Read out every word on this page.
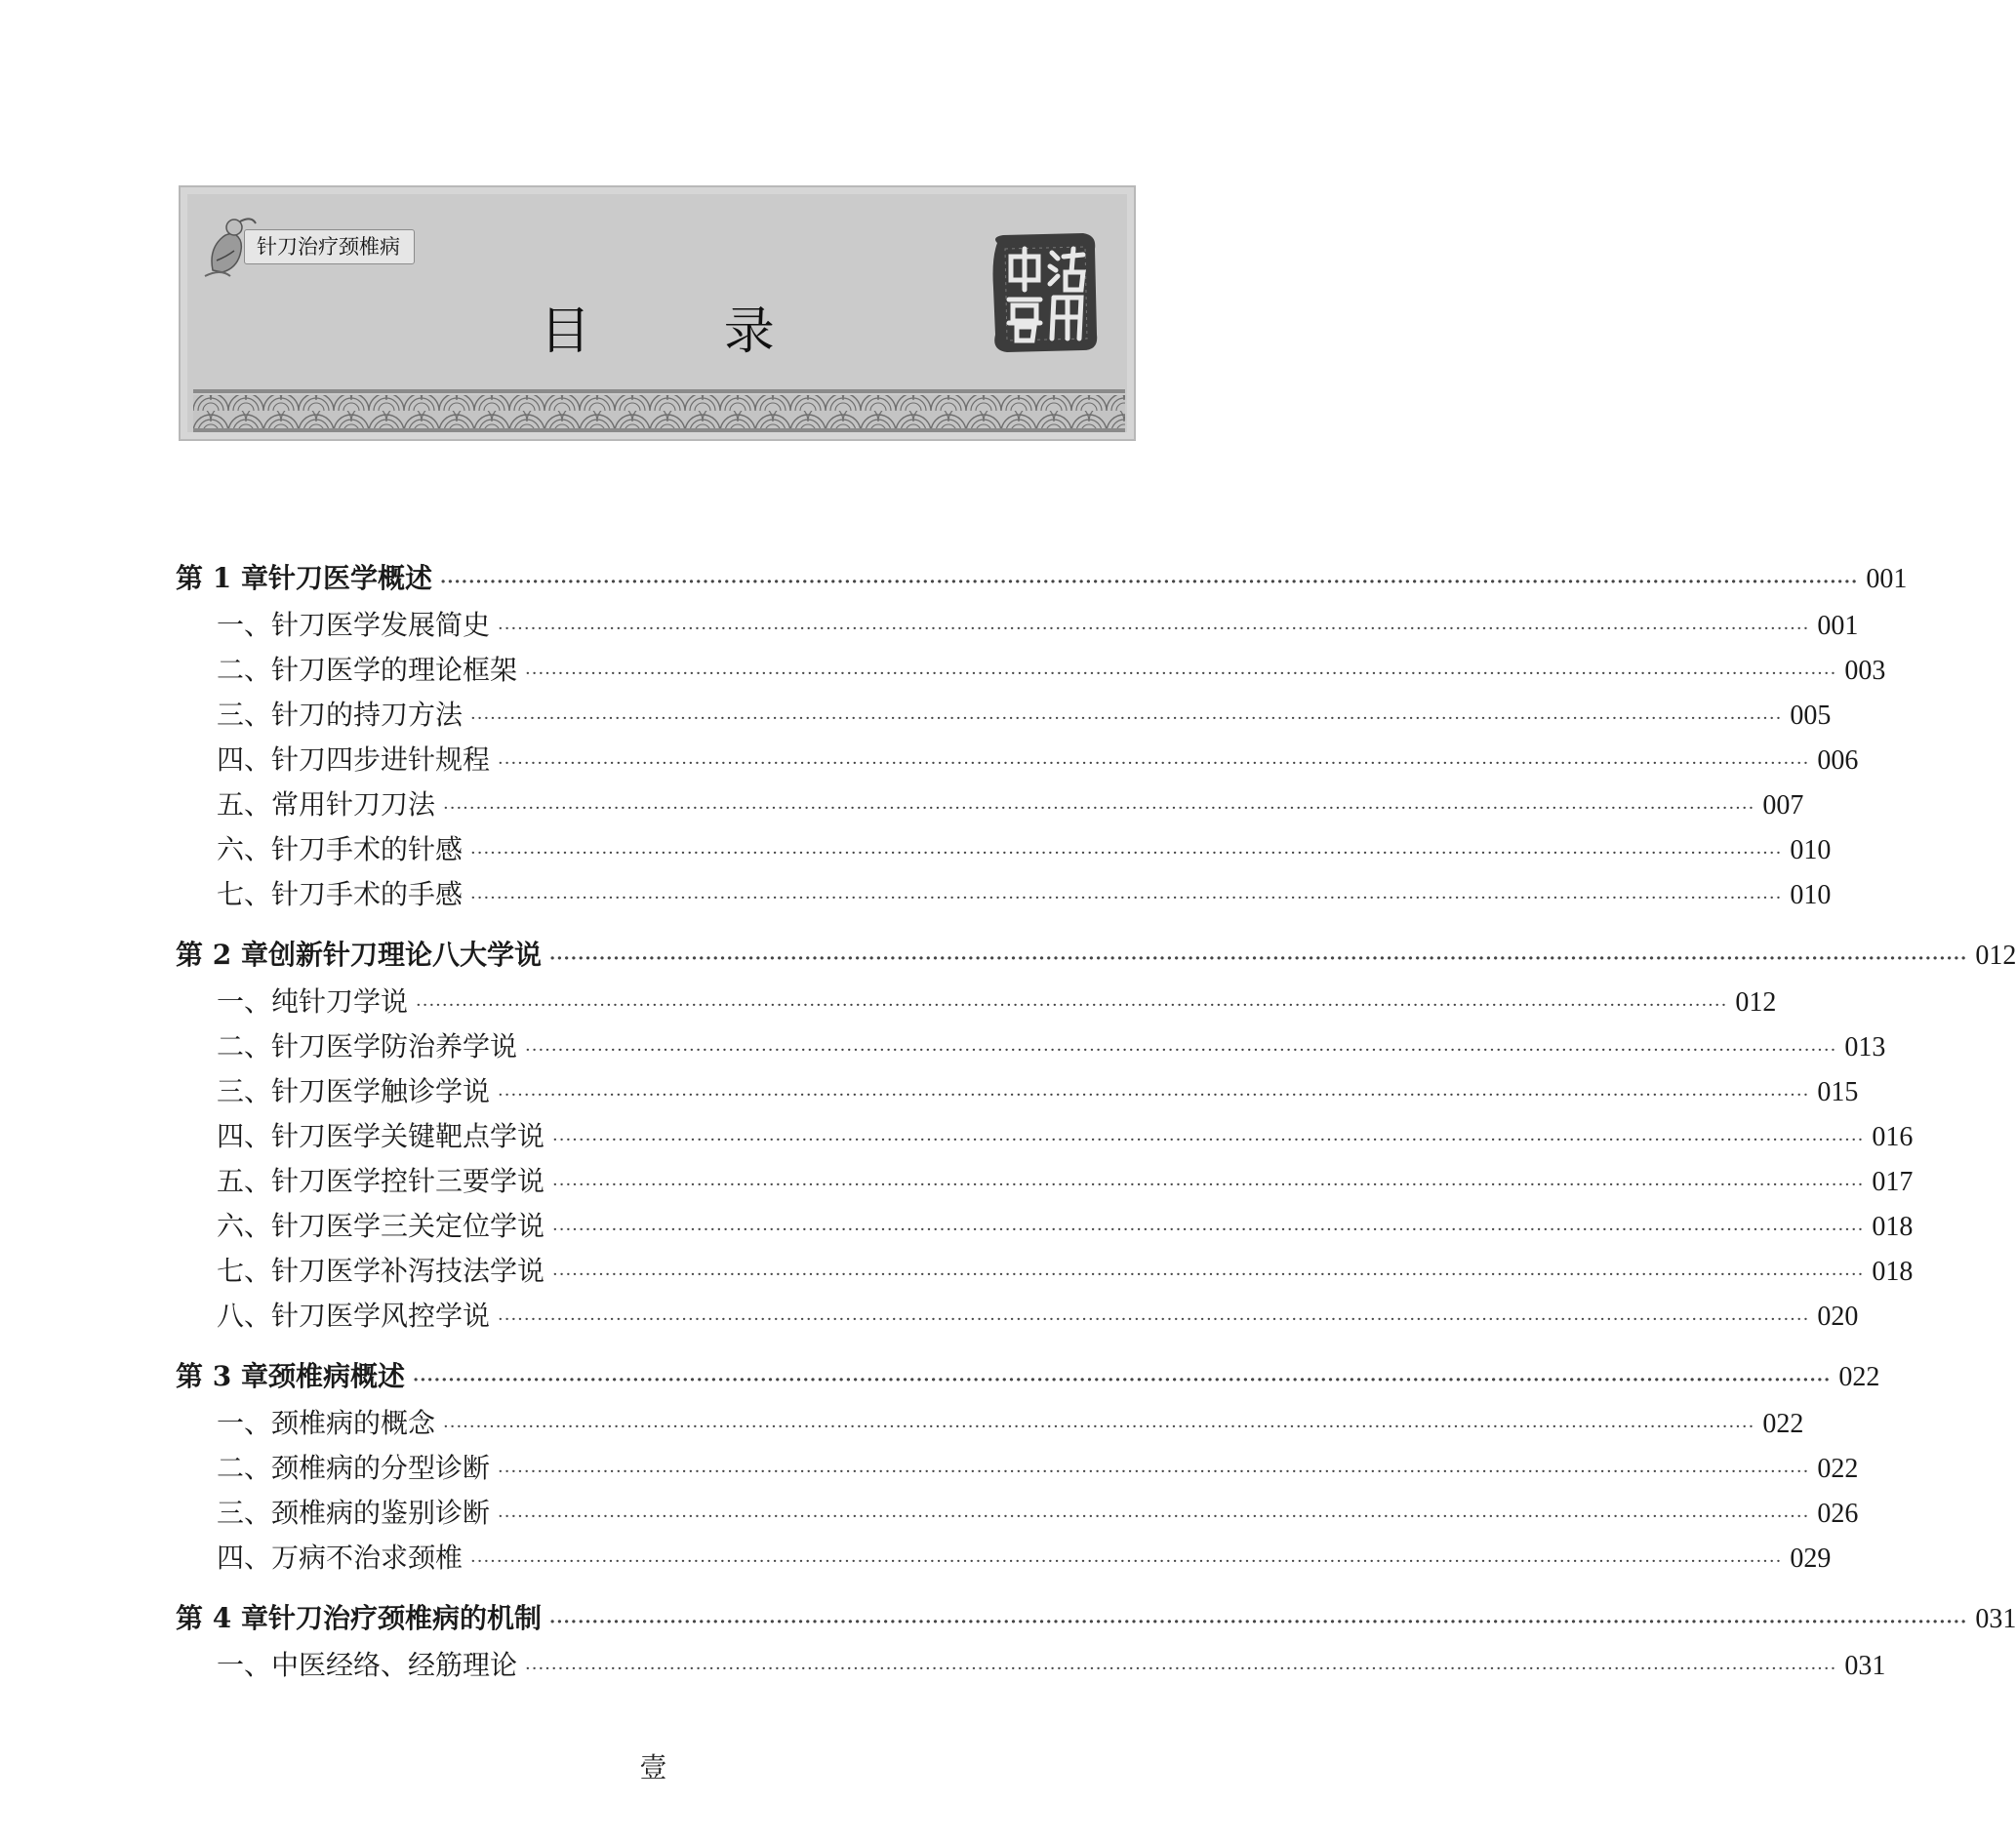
针刀治疗颈椎病
目 录
第 1 章 针刀医学概述 ········································································································································································································ 001
一、针刀医学发展简史 ········································································································································································································ 001
二、针刀医学的理论框架 ········································································································································································································ 003
三、针刀的持刀方法 ········································································································································································································ 005
四、针刀四步进针规程 ········································································································································································································ 006
五、常用针刀刀法 ········································································································································································································ 007
六、针刀手术的针感 ········································································································································································································ 010
七、针刀手术的手感 ········································································································································································································ 010
第 2 章 创新针刀理论八大学说 ········································································································································································································ 012
一、纯针刀学说 ········································································································································································································ 012
二、针刀医学防治养学说 ········································································································································································································ 013
三、针刀医学触诊学说 ········································································································································································································ 015
四、针刀医学关键靶点学说 ········································································································································································································ 016
五、针刀医学控针三要学说 ········································································································································································································ 017
六、针刀医学三关定位学说 ········································································································································································································ 018
七、针刀医学补泻技法学说 ········································································································································································································ 018
八、针刀医学风控学说 ········································································································································································································ 020
第 3 章 颈椎病概述 ········································································································································································································ 022
一、颈椎病的概念 ········································································································································································································ 022
二、颈椎病的分型诊断 ········································································································································································································ 022
三、颈椎病的鉴别诊断 ········································································································································································································ 026
四、万病不治求颈椎 ········································································································································································································ 029
第 4 章 针刀治疗颈椎病的机制 ········································································································································································································ 031
一、中医经络、经筋理论 ········································································································································································································ 031
壹
